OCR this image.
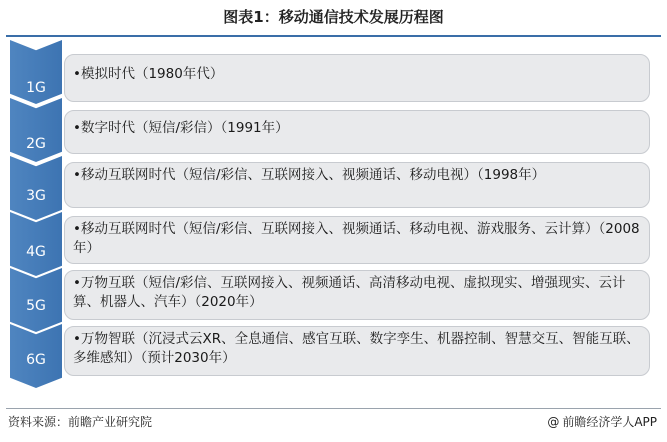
图表1：移动通信技术发展历程图
1G
•模拟时代（1980年代）
2G
•数字时代（短信/彩信）（1991年）
3G
•移动互联网时代（短信/彩信、互联网接入、视频通话、移动电视）（1998年）
4G
•移动互联网时代（短信/彩信、互联网接入、视频通话、移动电视、游戏服务、云计算）（2008年）
5G
•万物互联（短信/彩信、互联网接入、视频通话、高清移动电视、虚拟现实、增强现实、云计算、机器人、汽车）（2020年）
6G
•万物智联（沉浸式云XR、全息通信、感官互联、数字孪生、机器控制、智慧交互、智能互联、多维感知）（预计2030年）
资料来源：前瞻产业研究院	@ 前瞻经济学人APP
